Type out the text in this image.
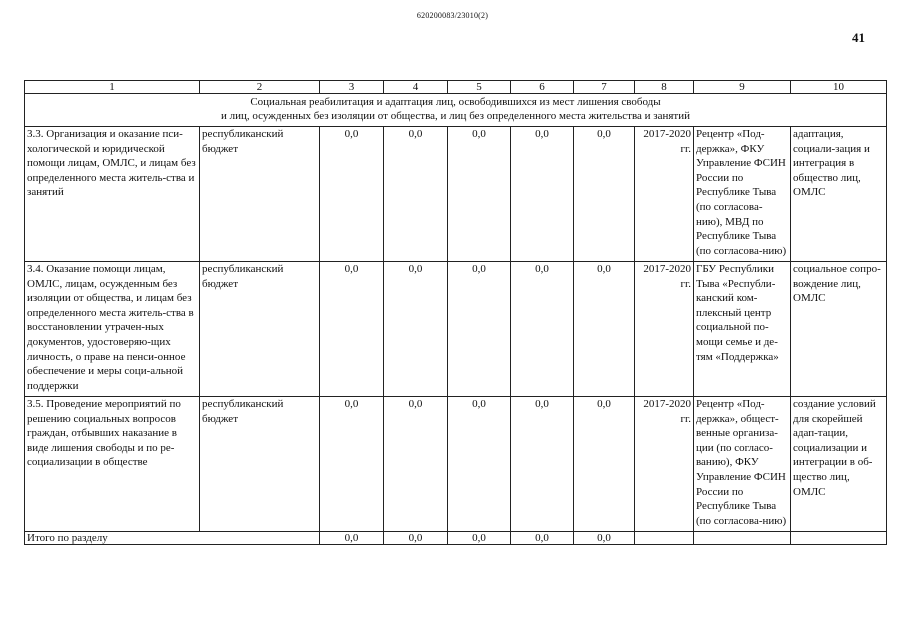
620200083/23010(2)
41
1	2	3	4	5	6	7	8	9	10

Социальная реабилитация и адаптация лиц, освободившихся из мест лишения свободы
и лиц, осужденных без изоляции от общества, и лиц без определенного места жительства и занятий									

3.3. Организация и оказание пси-хологической и юридической помощи лицам, ОМЛС, и лицам без определенного места житель-ства и занятий	республиканский бюджет	0,0	0,0	0,0	0,0	0,0	2017-2020 гг.	Рецентр «Под-держка», ФКУ Управление ФСИН России по Республике Тыва (по согласова-нию), МВД по Республике Тыва (по согласова-нию)	адаптация, социали-зация и интеграция в общество лиц, ОМЛС
3.4. Оказание помощи лицам, ОМЛС, лицам, осужденным без изоляции от общества, и лицам без определенного места житель-ства в восстановлении утрачен-ных документов, удостоверяю-щих личность, о праве на пенси-онное обеспечение и меры соци-альной поддержки	республиканский бюджет	0,0	0,0	0,0	0,0	0,0	2017-2020 гг.	ГБУ Республики Тыва «Республи-канский ком-плексный центр социальной по-мощи семье и де-тям «Поддержка»	социальное сопро-вождение лиц, ОМЛС
3.5. Проведение мероприятий по решению социальных вопросов граждан, отбывших наказание в виде лишения свободы и по ре-социализации в обществе	республиканский бюджет	0,0	0,0	0,0	0,0	0,0	2017-2020 гг.	Рецентр «Под-держка», общест-венные организа-ции (по согласо-ванию), ФКУ Управление ФСИН России по Республике Тыва (по согласова-нию)	создание условий для скорейшей адап-тации, социализации и интеграции в об-щество лиц, ОМЛС
Итого по разделу		0,0	0,0	0,0	0,0	0,0			
